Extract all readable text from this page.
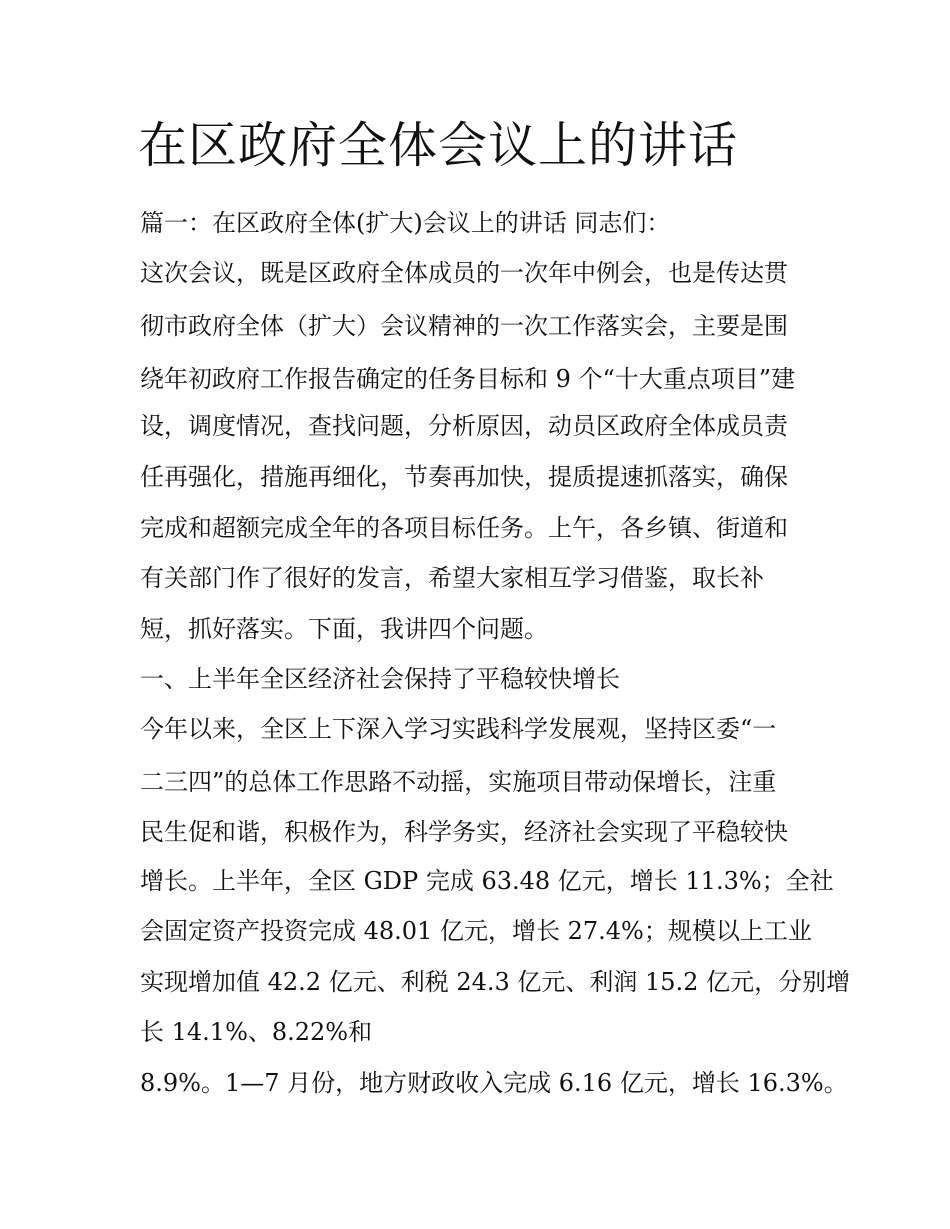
在区政府全体会议上的讲话

篇一：在区政府全体(扩大)会议上的讲话 同志们：

这次会议，既是区政府全体成员的一次年中例会，也是传达贯

彻市政府全体（扩大）会议精神的一次工作落实会，主要是围

绕年初政府工作报告确定的任务目标和 9 个“十大重点项目”建

设，调度情况，查找问题，分析原因，动员区政府全体成员责

任再强化，措施再细化，节奏再加快，提质提速抓落实，确保

完成和超额完成全年的各项目标任务。上午，各乡镇、街道和

有关部门作了很好的发言，希望大家相互学习借鉴，取长补

短，抓好落实。下面，我讲四个问题。

一、上半年全区经济社会保持了平稳较快增长

今年以来，全区上下深入学习实践科学发展观，坚持区委“一

二三四”的总体工作思路不动摇，实施项目带动保增长，注重

民生促和谐，积极作为，科学务实，经济社会实现了平稳较快

增长。上半年，全区 GDP 完成 63.48 亿元，增长 11.3%；全社

会固定资产投资完成 48.01 亿元，增长 27.4%；规模以上工业

实现增加值 42.2 亿元、利税 24.3 亿元、利润 15.2 亿元，分别增

长 14.1%、8.22%和

8.9%。1—7 月份，地方财政收入完成 6.16 亿元，增长 16.3%。
